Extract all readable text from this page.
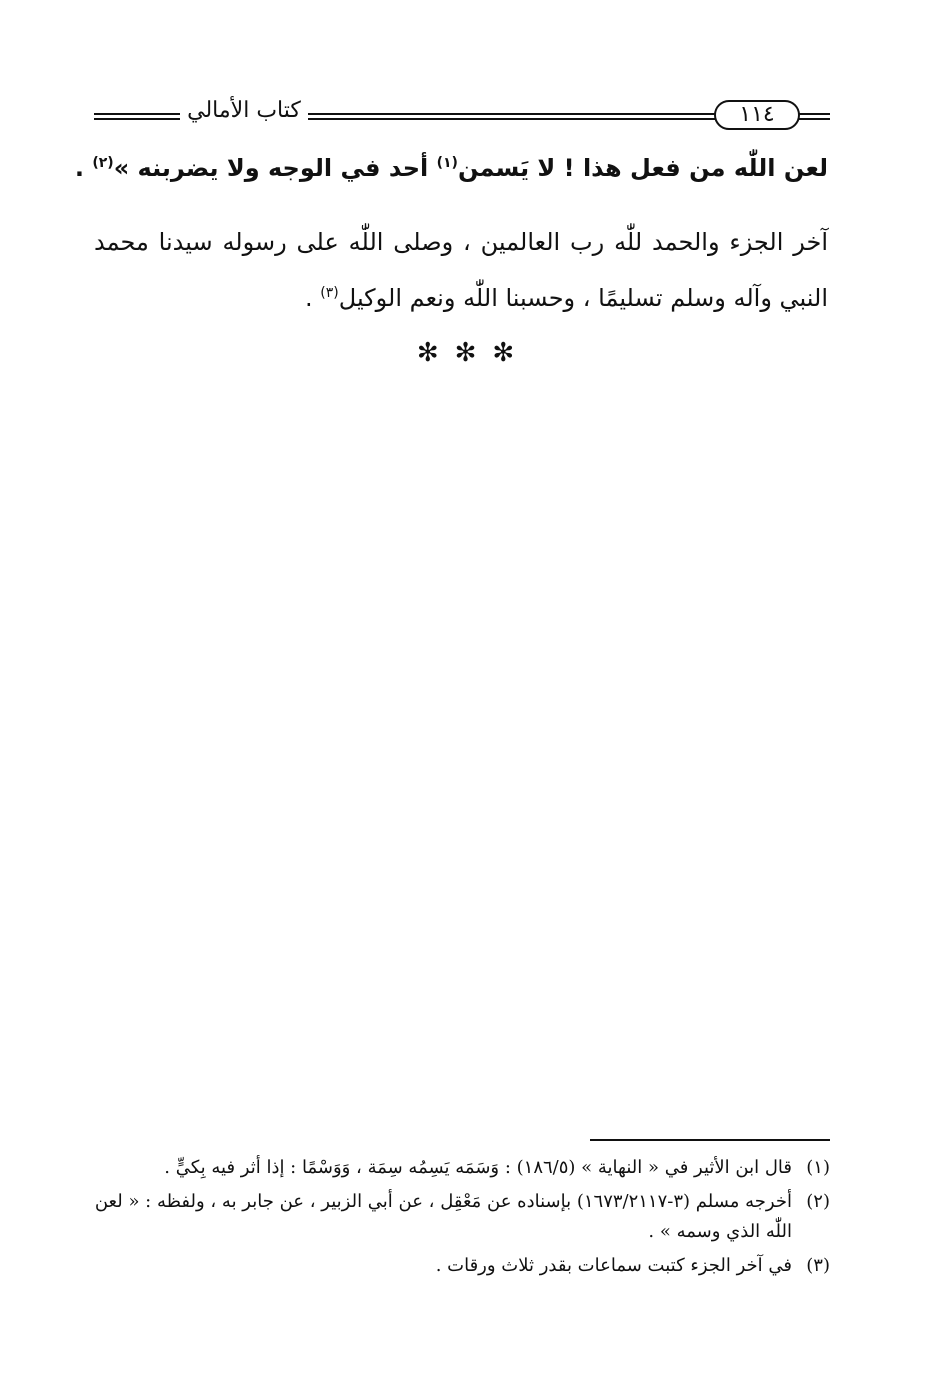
كتاب الأمالي	١١٤
لعن اللّٰه من فعل هذا ! لا يَسمن$^{(١)}$ أحد في الوجه ولا يضربنه »$^{(٢)}$ .
آخر الجزء والحمد للّٰه رب العالمين ، وصلى اللّٰه على رسوله سيدنا محمد النبي وآله وسلم تسليمًا ، وحسبنا اللّٰه ونعم الوكيل$^{(٣)}$ .
✻✻✻
(١)
قال ابن الأثير في « النهاية » (١٨٦/٥) : وَسَمَه يَسِمُه سِمَة ، وَوَسْمًا : إذا أثر فيه بِكيٍّ .
(٢)
أخرجه مسلم (٣-١٦٧٣/٢١١٧) بإسناده عن مَعْقِل ، عن أبي الزبير ، عن جابر به ، ولفظه : « لعن اللّٰه الذي وسمه » .
(٣)
في آخر الجزء كتبت سماعات بقدر ثلاث ورقات .
